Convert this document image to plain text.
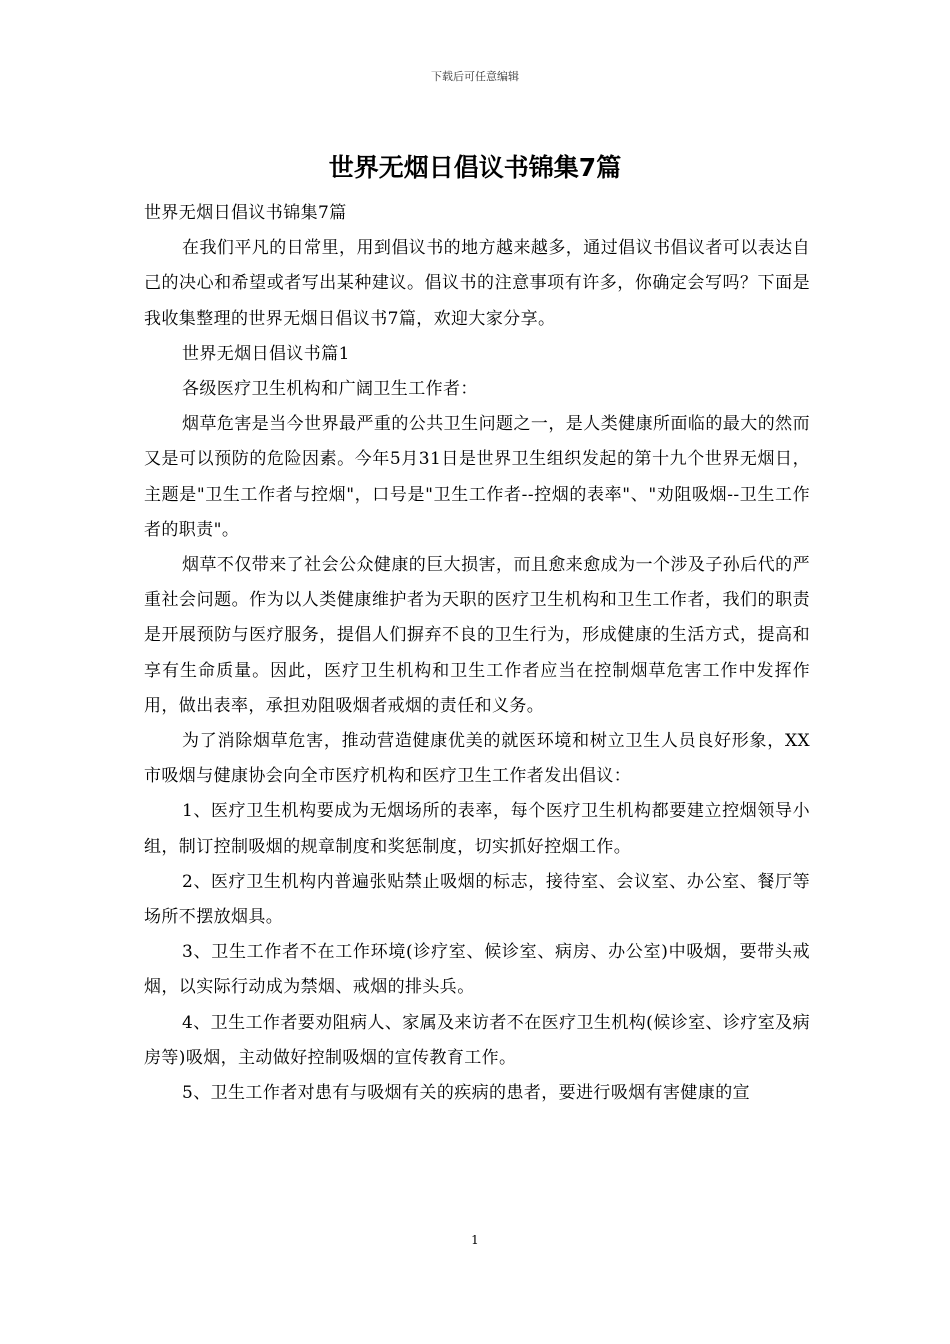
下载后可任意编辑
世界无烟日倡议书锦集7篇

世界无烟日倡议书锦集7篇

在我们平凡的日常里，用到倡议书的地方越来越多，通过倡议书倡议者可以表达自己的决心和希望或者写出某种建议。倡议书的注意事项有许多，你确定会写吗？下面是我收集整理的世界无烟日倡议书7篇，欢迎大家分享。

世界无烟日倡议书篇1

各级医疗卫生机构和广阔卫生工作者：

烟草危害是当今世界最严重的公共卫生问题之一，是人类健康所面临的最大的然而又是可以预防的危险因素。今年5月31日是世界卫生组织发起的第十九个世界无烟日，主题是"卫生工作者与控烟"，口号是"卫生工作者--控烟的表率"、"劝阻吸烟--卫生工作者的职责"。

烟草不仅带来了社会公众健康的巨大损害，而且愈来愈成为一个涉及子孙后代的严重社会问题。作为以人类健康维护者为天职的医疗卫生机构和卫生工作者，我们的职责是开展预防与医疗服务，提倡人们摒弃不良的卫生行为，形成健康的生活方式，提高和享有生命质量。因此，医疗卫生机构和卫生工作者应当在控制烟草危害工作中发挥作用，做出表率，承担劝阻吸烟者戒烟的责任和义务。

为了消除烟草危害，推动营造健康优美的就医环境和树立卫生人员良好形象，XX市吸烟与健康协会向全市医疗机构和医疗卫生工作者发出倡议：

1、医疗卫生机构要成为无烟场所的表率，每个医疗卫生机构都要建立控烟领导小组，制订控制吸烟的规章制度和奖惩制度，切实抓好控烟工作。

2、医疗卫生机构内普遍张贴禁止吸烟的标志，接待室、会议室、办公室、餐厅等场所不摆放烟具。

3、卫生工作者不在工作环境(诊疗室、候诊室、病房、办公室)中吸烟，要带头戒烟，以实际行动成为禁烟、戒烟的排头兵。

4、卫生工作者要劝阻病人、家属及来访者不在医疗卫生机构(候诊室、诊疗室及病房等)吸烟，主动做好控制吸烟的宣传教育工作。

5、卫生工作者对患有与吸烟有关的疾病的患者，要进行吸烟有害健康的宣

1
